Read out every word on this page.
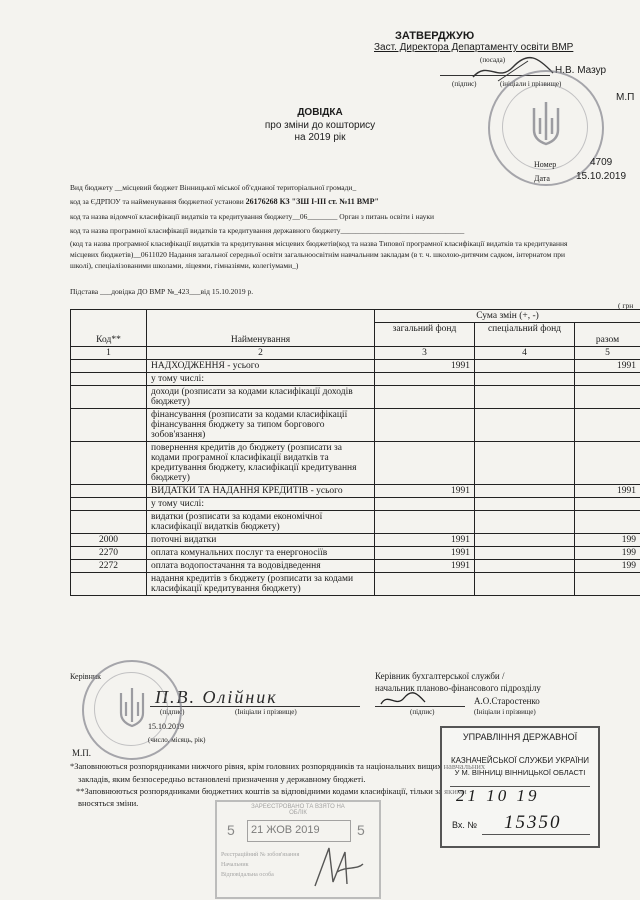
ЗАТВЕРДЖУЮ
Заст. Директора Департаменту освіти ВМР
(посада)
Н.В. Мазур
(підпис)	(ініціали і прізвище)
М.П
ДОВІДКА
про зміни до кошторису
на 2019 рік
Номер	4709
Дата	15.10.2019
Вид бюджету __місцевий бюджет Вінницької міської об'єднаної територіальної громади_
код за ЄДРПОУ та найменування бюджетної установи 26176268 КЗ "ЗШ І-ІІІ ст. №11 ВМР"
код та назва відомчої класифікації видатків та кредитування бюджету__06________ Орган з питань освіти і науки
код та назва програмної класифікації видатків та кредитування державного бюджету_________________________________
(код та назва програмної класифікації видатків та кредитування місцевих бюджетів(код та назва Типової програмної класифікації видатків та кредитування
місцевих бюджетів)__0611020 Надання загальної середньої освіти загальноосвітнім навчальним закладам (в т. ч. школою-дитячим садком, інтернатом при
школі), спеціалізованими школами, ліцеями, гімназіями, колегіумами_)
Підстава ___довідка ДО ВМР №_423___від 15.10.2019 р.
( грн
Код**	Найменування	Сума змін (+, -)		
		загальний фонд	спеціальний фонд	разом
1	2	3	4	5
	НАДХОДЖЕННЯ - усього	1991		1991
	у тому числі:			
	доходи (розписати за кодами класифікації доходів бюджету)			
	фінансування (розписати за кодами класифікації фінансування бюджету за типом боргового зобов'язання)			
	повернення кредитів до бюджету (розписати за кодами програмної класифікації видатків та кредитування бюджету, класифікації кредитування бюджету)			
	ВИДАТКИ ТА НАДАННЯ КРЕДИТІВ - усього	1991		1991
	у тому числі:			
	видатки (розписати за кодами економічної класифікації видатків бюджету)			
2000	поточні видатки	1991		199
2270	оплата комунальних послуг та енергоносіїв	1991		199
2272	оплата водопостачання та водовідведення	1991		199
	надання кредитів з бюджету (розписати за кодами класифікації кредитування бюджету)			
Керівник
П.В. Олійник
(підпис)	(Ініціали і прізвище)
15.10.2019
(число, місяць, рік)
Керівник бухгалтерської служби /
начальник планово-фінансового підрозділу
А.О.Старостенко
(підпис)	(Ініціали і прізвище)
М.П.
*Заповнюються розпорядниками нижчого рівня, крім головних розпорядників та національних вищих навчальних
закладів, яким безпосередньо встановлені призначення у державному бюджеті.
**Заповнюються розпорядниками бюджетних коштів за відповідними кодами класифікації, тільки за якими
вносяться зміни.
УПРАВЛІННЯ ДЕРЖАВНОЇ
КАЗНАЧЕЙСЬКОЇ СЛУЖБИ УКРАЇНИ
У М. ВІННИЦІ ВІННИЦЬКОЇ ОБЛАСТІ
21 10 19
Вх. № 15350
ЗАРЕЄСТРОВАНО ТА ВЗЯТО НА ОБЛІК
5 21 ЖОВ 2019	5
Реєстраційний № зобов'язання
Начальник
Відповідальна особа
